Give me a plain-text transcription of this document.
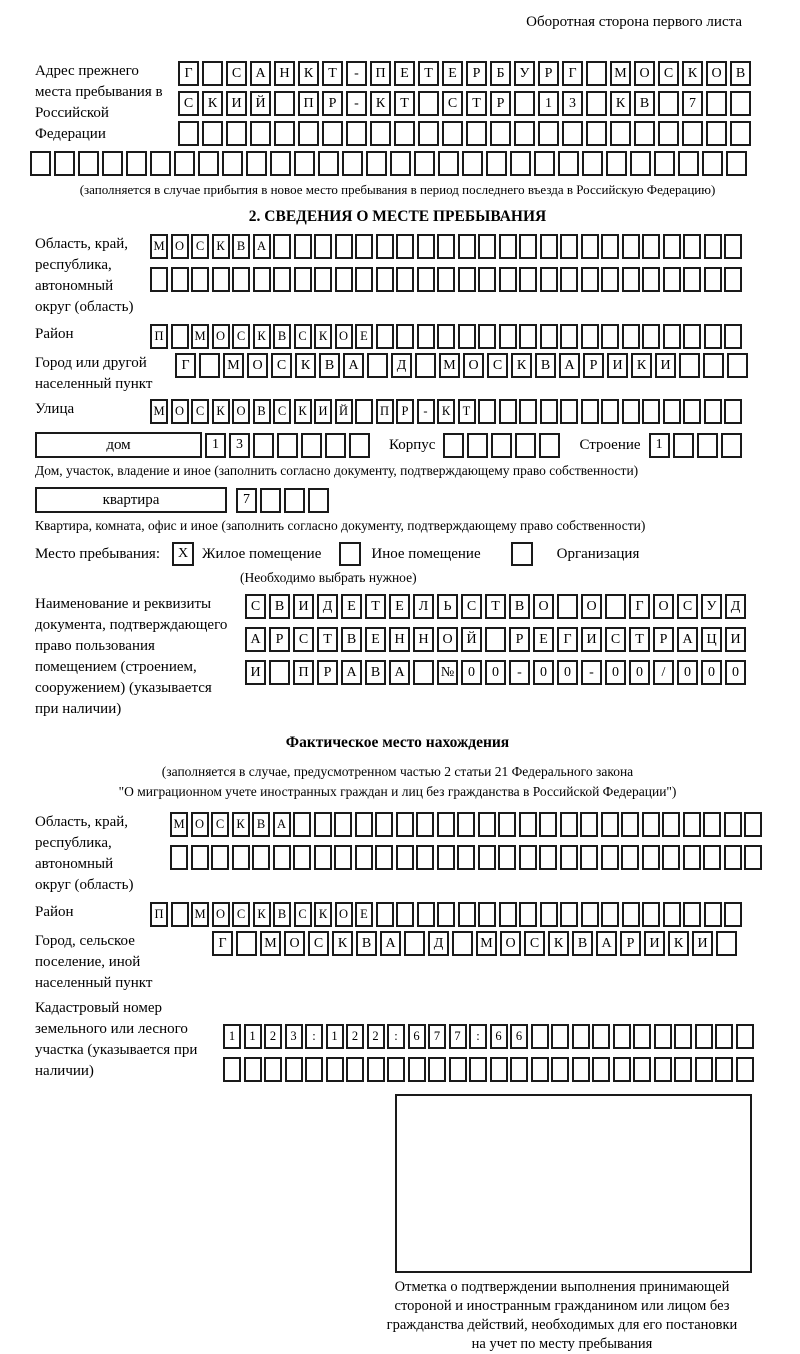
Оборотная сторона первого листа
Адрес прежнего места пребывания в Российской Федерации
Г	С	А Н	К	Т	-	П	Е	Т	Е	Р	Б	У	Р	Г	М О	С	К	О	В
С	К	И Й	П	Р	-	К	Т	С	Т	Р	1	3	К	В	7
(заполняется в случае прибытия в новое место пребывания в период последнего въезда в Российскую Федерацию)
2. СВЕДЕНИЯ О МЕСТЕ ПРЕБЫВАНИЯ
Область, край, республика, автономный округ (область)
М О С К В А
Район	П	М О С К В С К О Е
Город или другой населенный пункт
Г	М О	С	К	В	А	Д	М О	С	К	В	А	Р	И	К	И
Улица	М О С К О В С К И Й	П	Р	-	К	Т
дом	1	3	Корпус	Строение	1
Дом, участок, владение и иное (заполнить согласно документу, подтверждающему право собственности)
квартира	7
Квартира, комната, офис и иное (заполнить согласно документу, подтверждающему право собственности)
Место пребывания:	X Жилое помещение	Иное помещение	Организация
(Необходимо выбрать нужное)
Наименование и реквизиты документа, подтверждающего право пользования помещением (строением, сооружением) (указывается при наличии)
С	В	И	Д	Е	Т	Е	Л	Ь	С	Т	В	О	О	Г	О	С	У	Д
А	Р	С	Т	В	Е	Н Н О Й	Р	Е	Г	И	С	Т	Р	А Ц И
И	П	Р	А	В	А	№ 0	0	-	0	0	-	0	0	/	0	0	0
Фактическое место нахождения
(заполняется в случае, предусмотренном частью 2 статьи 21 Федерального закона
"О миграционном учете иностранных граждан и лиц без гражданства в Российской Федерации")
Область, край, республика, автономный округ (область)
М О С К В А
Район	П	М О С К В С К О Е
Город, сельское поселение, иной населенный пункт
Г	М О	С	К	В	А	Д	М О	С	К	В	А	Р	И	К	И
Кадастровый номер земельного или лесного участка (указывается при наличии)
1	1	2	3	:	1	2	2	:	6	7	7	:	6	6
Отметка о подтверждении выполнения принимающей
стороной и иностранным гражданином или лицом без
гражданства действий, необходимых для его постановки
на учет по месту пребывания
